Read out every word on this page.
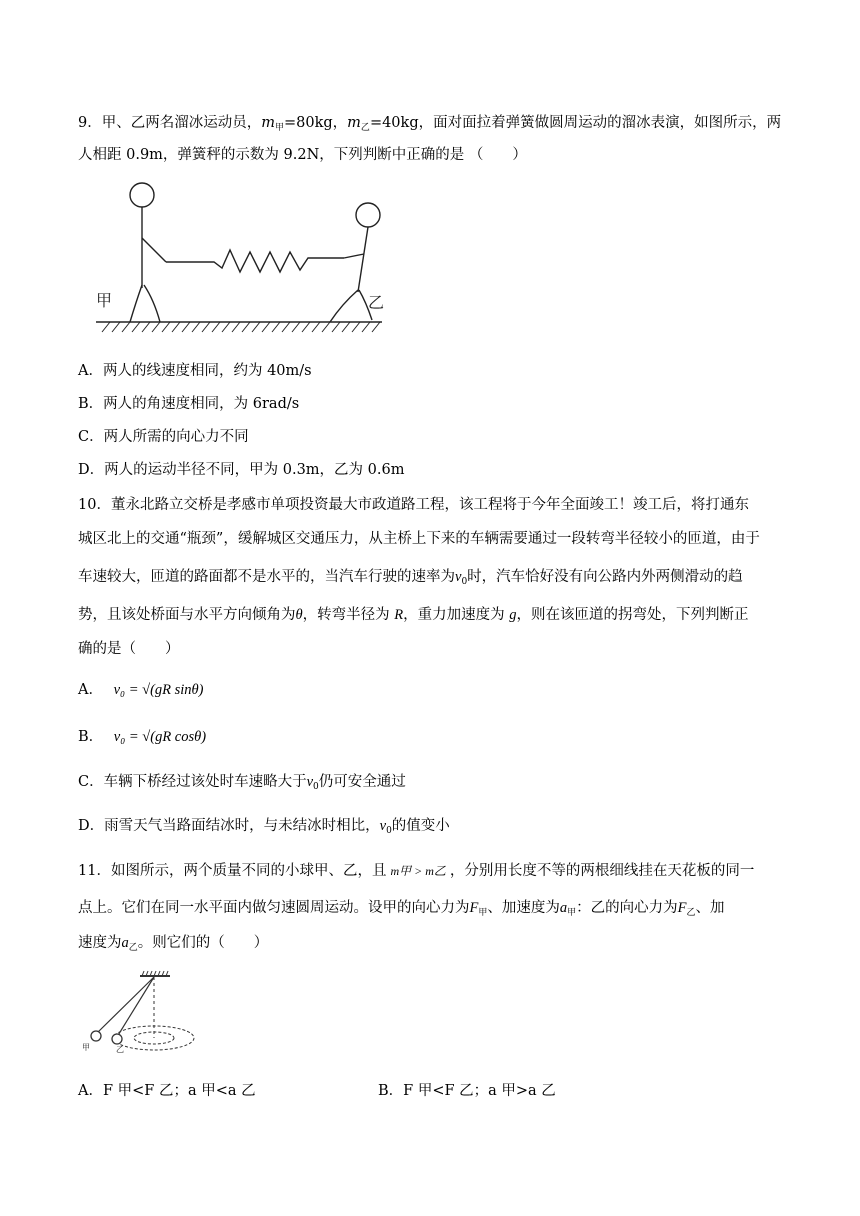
9．甲、乙两名溜冰运动员，$m_甲=80kg$，$m_乙=40kg$，面对面拉着弹簧做圆周运动的溜冰表演，如图所示，两
人相距 0.9m，弹簧秤的示数为 9.2N，下列判断中正确的是 （　　）
甲	乙
A．两人的线速度相同，约为 40m/s
B．两人的角速度相同，为 6rad/s
C．两人所需的向心力不同
D．两人的运动半径不同，甲为 0.3m，乙为 0.6m
10．董永北路立交桥是孝感市单项投资最大市政道路工程，该工程将于今年全面竣工！竣工后，将打通东
城区北上的交通“瓶颈”，缓解城区交通压力，从主桥上下来的车辆需要通过一段转弯半径较小的匝道，由于
车速较大，匝道的路面都不是水平的，当汽车行驶的速率为$v_0$时，汽车恰好没有向公路内外两侧滑动的趋
势，且该处桥面与水平方向倾角为θ，转弯半径为 R，重力加速度为 g，则在该匝道的拐弯处，下列判断正
确的是（　　）
A． v₀ = √(gR sinθ)
B． v₀ = √(gR cosθ)
C．车辆下桥经过该处时车速略大于$v_0$仍可安全通过
D．雨雪天气当路面结冰时，与未结冰时相比，$v_0$的值变小
11．如图所示，两个质量不同的小球甲、乙，且 m甲 > m乙 ，分别用长度不等的两根细线挂在天花板的同一
点上。它们在同一水平面内做匀速圆周运动。设甲的向心力为$F_甲$、加速度为$a_甲$：乙的向心力为$F_乙$、加
速度为$a_乙$。则它们的（　　）
甲	乙
A．F 甲<F 乙；a 甲<a 乙	B．F 甲<F 乙；a 甲>a 乙
